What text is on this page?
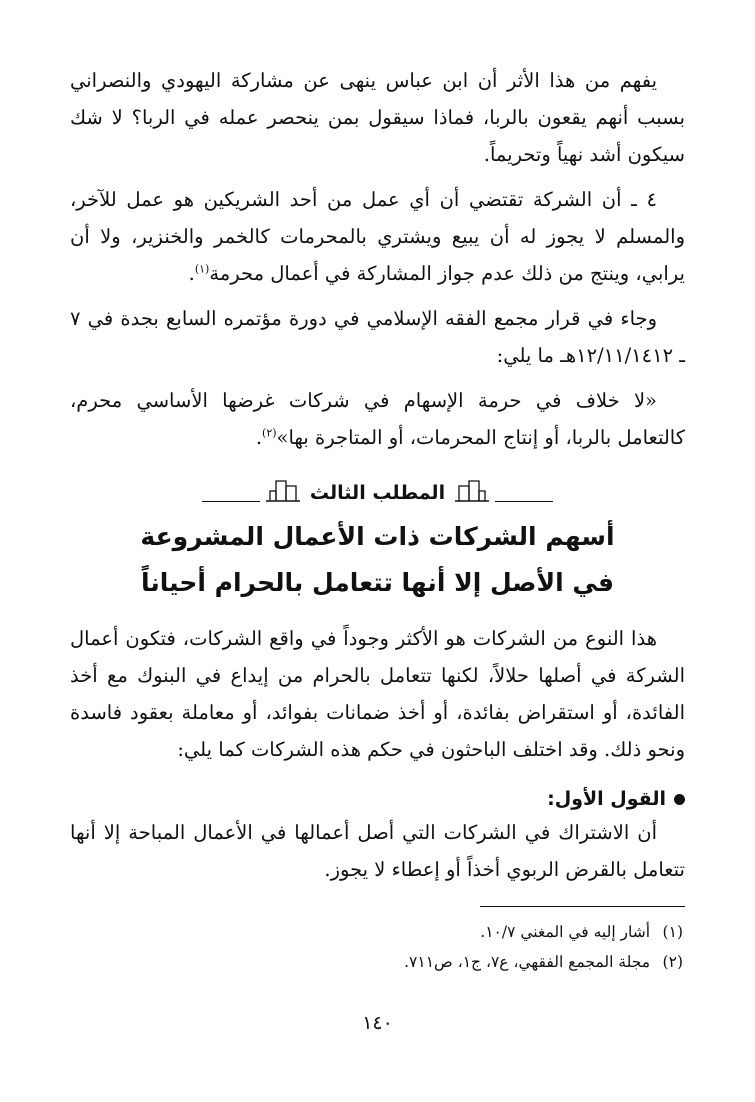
يفهم من هذا الأثر أن ابن عباس ينهى عن مشاركة اليهودي والنصراني بسبب أنهم يقعون بالربا، فماذا سيقول بمن ينحصر عمله في الربا؟ لا شك سيكون أشد نهياً وتحريماً.

٤ ـ أن الشركة تقتضي أن أي عمل من أحد الشريكين هو عمل للآخر، والمسلم لا يجوز له أن يبيع ويشتري بالمحرمات كالخمر والخنزير، ولا أن يرابي، وينتج من ذلك عدم جواز المشاركة في أعمال محرمة$^{(١)}$.

وجاء في قرار مجمع الفقه الإسلامي في دورة مؤتمره السابع بجدة في ٧ ـ ١٢/١١/١٤١٢هـ ما يلي:

«لا خلاف في حرمة الإسهام في شركات غرضها الأساسي محرم، كالتعامل بالربا، أو إنتاج المحرمات، أو المتاجرة بها»$^{(٢)}$.

المطلب الثالث
أسهم الشركات ذات الأعمال المشروعة
في الأصل إلا أنها تتعامل بالحرام أحياناً

هذا النوع من الشركات هو الأكثر وجوداً في واقع الشركات، فتكون أعمال الشركة في أصلها حلالاً، لكنها تتعامل بالحرام من إيداع في البنوك مع أخذ الفائدة، أو استقراض بفائدة، أو أخذ ضمانات بفوائد، أو معاملة بعقود فاسدة ونحو ذلك. وقد اختلف الباحثون في حكم هذه الشركات كما يلي:

القول الأول:

أن الاشتراك في الشركات التي أصل أعمالها في الأعمال المباحة إلا أنها تتعامل بالقرض الربوي أخذاً أو إعطاء لا يجوز.

(١) أشار إليه في المغني ١٠/٧.

(٢) مجلة المجمع الفقهي، ع٧، ج١، ص٧١١.

١٤٠
